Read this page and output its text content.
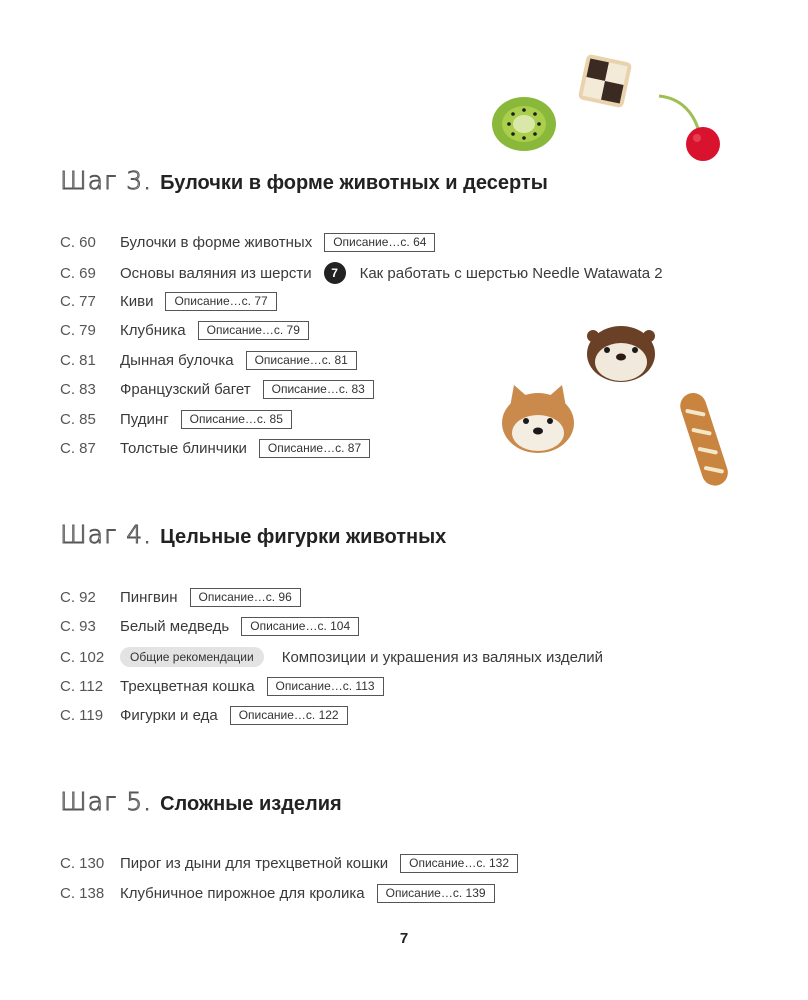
Шаг 3. Булочки в форме животных и десерты
С. 60	Булочки в форме животных	Описание…с. 64
С. 69	Основы валяния из шерсти	7	Как работать с шерстью Needle Watawata 2
С. 77	Киви	Описание…с. 77
С. 79	Клубника	Описание…с. 79
С. 81	Дынная булочка	Описание…с. 81
С. 83	Французский багет	Описание…с. 83
С. 85	Пудинг	Описание…с. 85
С. 87	Толстые блинчики	Описание…с. 87
Шаг 4. Цельные фигурки животных
С. 92	Пингвин	Описание…с. 96
С. 93	Белый медведь	Описание…с. 104
С. 102	Общие рекомендации	Композиции и украшения из валяных изделий
С. 112	Трехцветная кошка	Описание…с. 113
С. 119	Фигурки и еда	Описание…с. 122
Шаг 5. Сложные изделия
С. 130	Пирог из дыни для трехцветной кошки	Описание…с. 132
С. 138	Клубничное пирожное для кролика	Описание…с. 139
7
